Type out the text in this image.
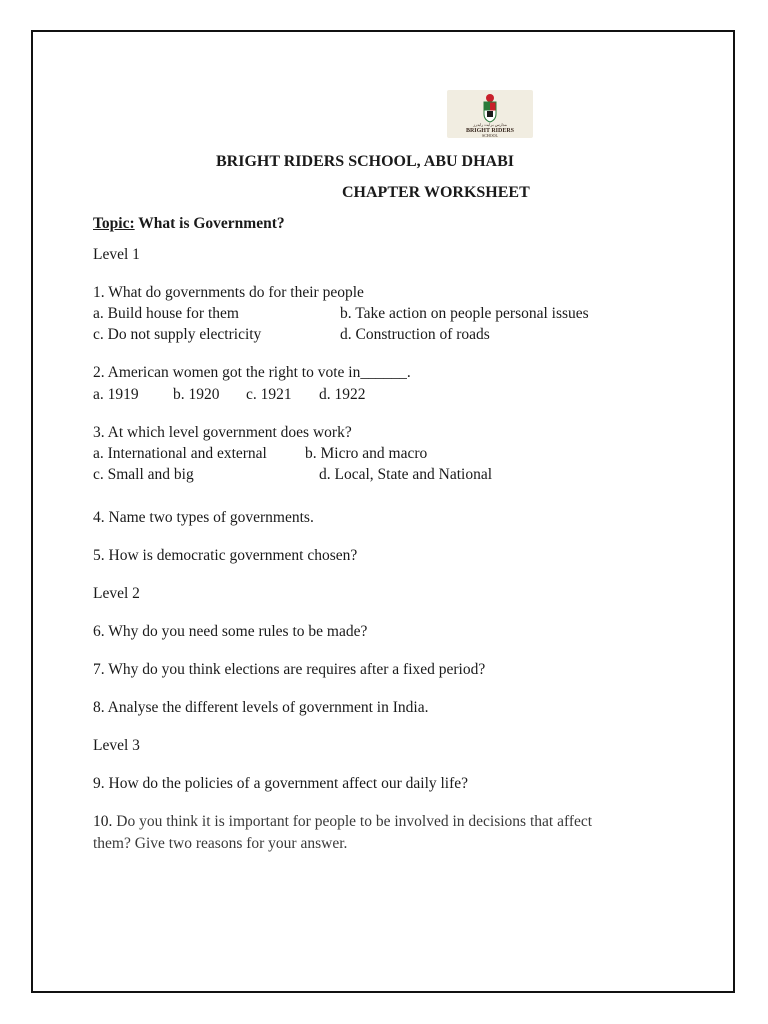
مدارس برايت رايدرز
BRIGHT RIDERS
SCHOOL
BRIGHT RIDERS SCHOOL, ABU DHABI
CHAPTER WORKSHEET
Topic: What is Government?
Level 1
1. What do governments do for their people
a. Build house for them	b. Take action on people personal issues
c. Do not supply electricity	d. Construction of roads
2. American women got the right to vote in______.
a. 1919 b. 1920 c. 1921 d. 1922
3. At which level government does work?
a. International and external b. Micro and macro
c. Small and big	d. Local, State and National
4. Name two types of governments.
5. How is democratic government chosen?
Level 2
6. Why do you need some rules to be made?
7. Why do you think elections are requires after a fixed period?
8. Analyse the different levels of government in India.
Level 3
9. How do the policies of a government affect our daily life?
10. Do you think it is important for people to be involved in decisions that affect
them? Give two reasons for your answer.
